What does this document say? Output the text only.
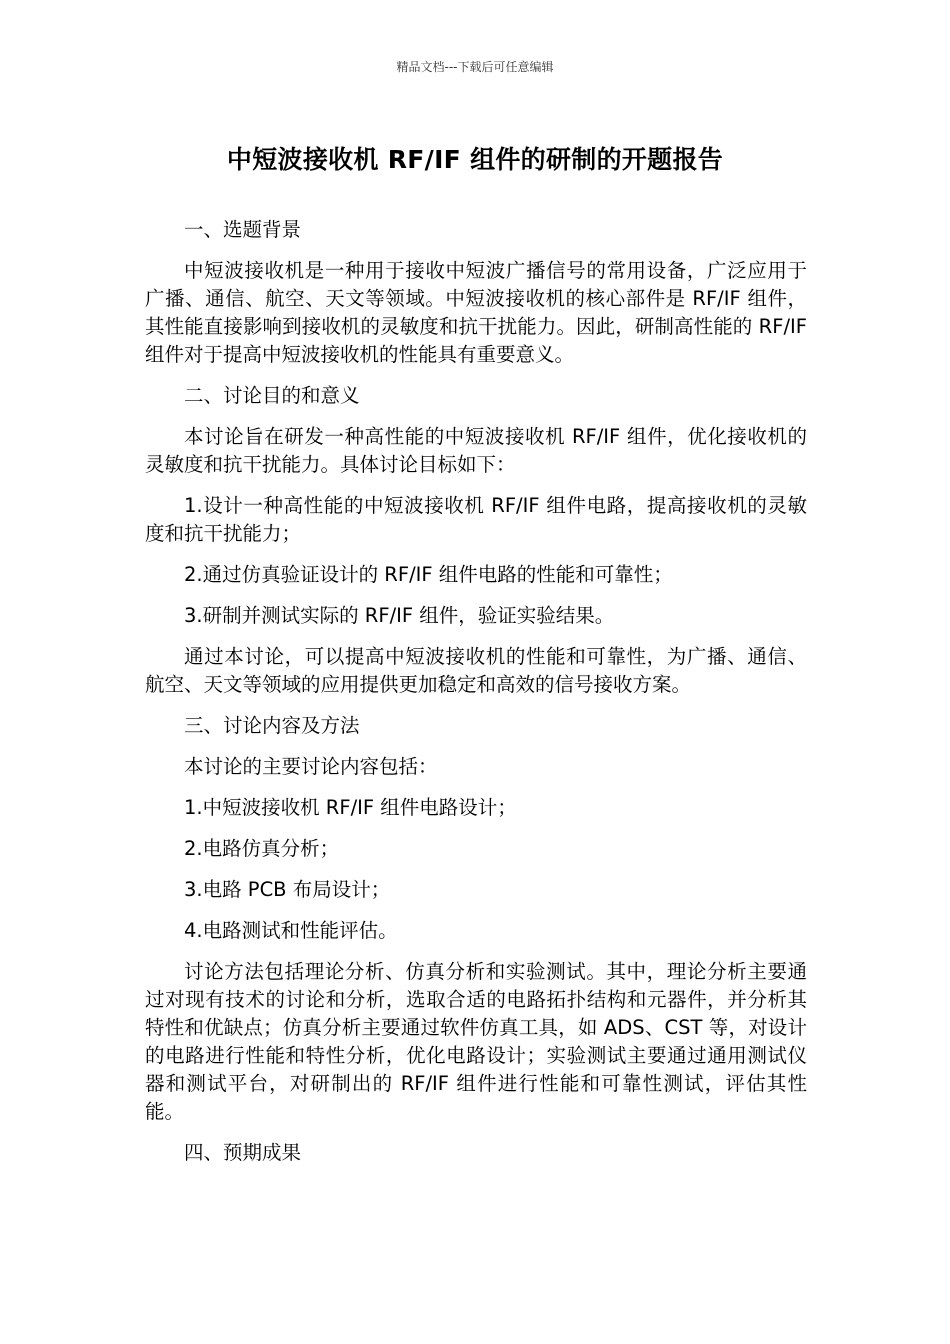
精品文档---下载后可任意编辑
中短波接收机 RF/IF 组件的研制的开题报告

一、选题背景

中短波接收机是一种用于接收中短波广播信号的常用设备，广泛应用于广播、通信、航空、天文等领域。中短波接收机的核心部件是 RF/IF 组件，其性能直接影响到接收机的灵敏度和抗干扰能力。因此，研制高性能的 RF/IF 组件对于提高中短波接收机的性能具有重要意义。

二、讨论目的和意义

本讨论旨在研发一种高性能的中短波接收机 RF/IF 组件，优化接收机的灵敏度和抗干扰能力。具体讨论目标如下：

1.设计一种高性能的中短波接收机 RF/IF 组件电路，提高接收机的灵敏度和抗干扰能力；

2.通过仿真验证设计的 RF/IF 组件电路的性能和可靠性；

3.研制并测试实际的 RF/IF 组件，验证实验结果。

通过本讨论，可以提高中短波接收机的性能和可靠性，为广播、通信、航空、天文等领域的应用提供更加稳定和高效的信号接收方案。

三、讨论内容及方法

本讨论的主要讨论内容包括：

1.中短波接收机 RF/IF 组件电路设计；

2.电路仿真分析；

3.电路 PCB 布局设计；

4.电路测试和性能评估。

讨论方法包括理论分析、仿真分析和实验测试。其中，理论分析主要通过对现有技术的讨论和分析，选取合适的电路拓扑结构和元器件，并分析其特性和优缺点；仿真分析主要通过软件仿真工具，如 ADS、CST 等，对设计的电路进行性能和特性分析，优化电路设计；实验测试主要通过通用测试仪器和测试平台，对研制出的 RF/IF 组件进行性能和可靠性测试，评估其性能。

四、预期成果
